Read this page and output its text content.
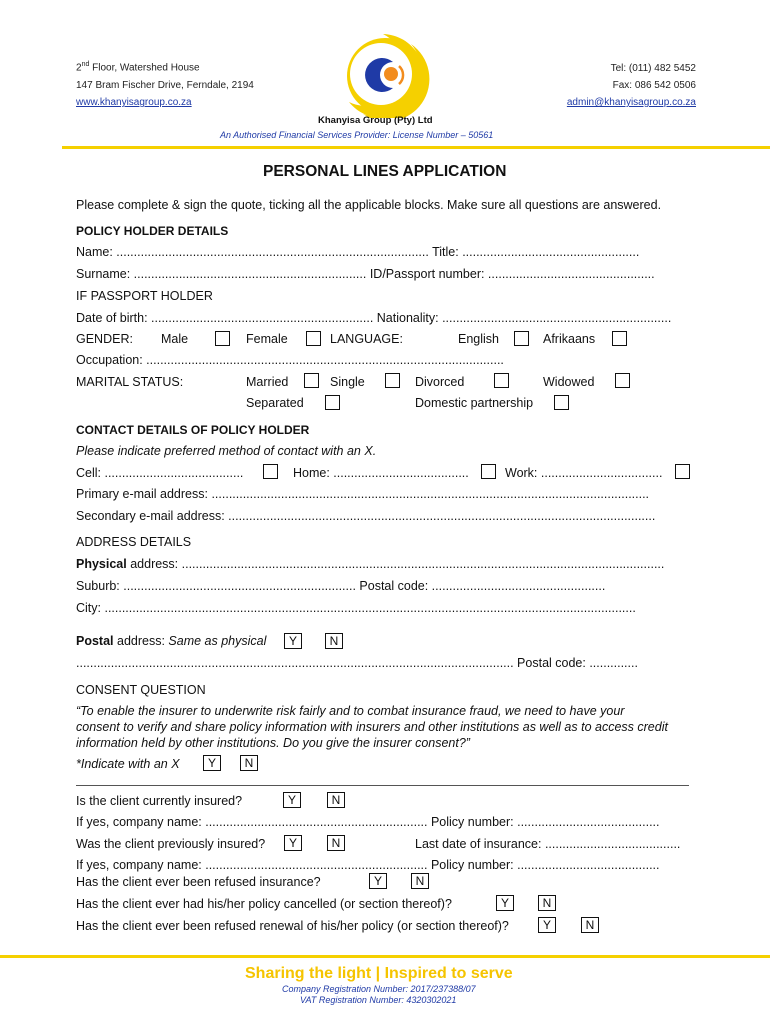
2nd Floor, Watershed House
147 Bram Fischer Drive, Ferndale, 2194
www.khanyisagroup.co.za
Tel: (011) 482 5452
Fax: 086 542 0506
admin@khanyisagroup.co.za
Khanyisa Group (Pty) Ltd
An Authorised Financial Services Provider: License Number – 50561
PERSONAL LINES APPLICATION
Please complete & sign the quote, ticking all the applicable blocks. Make sure all questions are answered.
POLICY HOLDER DETAILS
Name: .......................................................................................... Title: ...................................................
Surname: ................................................................... ID/Passport number: ................................................
IF PASSPORT HOLDER
Date of birth: ................................................................ Nationality: ..................................................................
GENDER: Male	Female	LANGUAGE:	English	Afrikaans
Occupation: .......................................................................................................
MARITAL STATUS:	Married	Single	Divorced	Widowed
Separated	Domestic partnership
CONTACT DETAILS OF POLICY HOLDER
Please indicate preferred method of contact with an X.
Cell: ........................................	Home: .......................................	Work: ...................................
Primary e-mail address: ..............................................................................................................................
Secondary e-mail address: ...........................................................................................................................
ADDRESS DETAILS
Physical address: ...........................................................................................................................................
Suburb: ................................................................... Postal code: ..................................................
City: .........................................................................................................................................................
Postal address: Same as physical	Y	N
.............................................................................................................................. Postal code: ..............
CONSENT QUESTION
“To enable the insurer to underwrite risk fairly and to combat insurance fraud, we need to have your
consent to verify and share policy information with insurers and other institutions as well as to access credit
information held by other institutions. Do you give the insurer consent?”
*Indicate with an X	Y	N
Is the client currently insured?	Y	N
If yes, company name: ................................................................ Policy number: .........................................
Was the client previously insured?	Y	N	Last date of insurance: .......................................
If yes, company name: ................................................................ Policy number: .........................................
Has the client ever been refused insurance?	Y	N
Has the client ever had his/her policy cancelled (or section thereof)?	Y	N
Has the client ever been refused renewal of his/her policy (or section thereof)?	Y	N
Sharing the light | Inspired to serve
Company Registration Number: 2017/237388/07
VAT Registration Number: 4320302021
